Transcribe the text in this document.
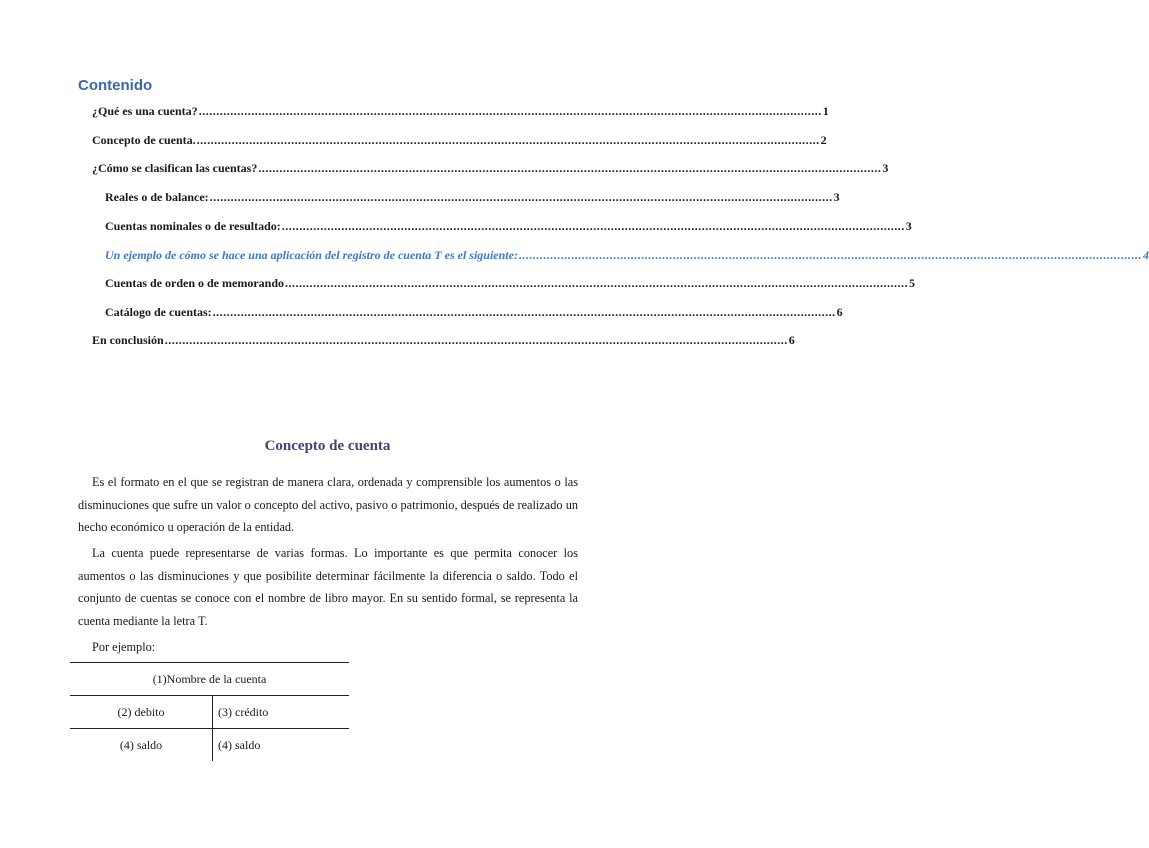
Contenido
¿Qué es una cuenta? .................................................................................................................................................................................. 1
Concepto de cuenta. .................................................................................................................................................................................. 2
¿Cómo se clasifican las cuentas? .................................................................................................................................................................................. 3
Reales o de balance: .................................................................................................................................................................................. 3
Cuentas nominales o de resultado: .................................................................................................................................................................................. 3
Un ejemplo de cómo se hace una aplicación del registro de cuenta T es el siguiente: .................................................................................................................................................................................. 4
Cuentas de orden o de memorando .................................................................................................................................................................................. 5
Catálogo de cuentas: .................................................................................................................................................................................. 6
En conclusión .................................................................................................................................................................................. 6
Concepto de cuenta

Es el formato en el que se registran de manera clara, ordenada y comprensible los aumentos o las disminuciones que sufre un valor o concepto del activo, pasivo o patrimonio, después de realizado un hecho económico u operación de la entidad.

La cuenta puede representarse de varias formas. Lo importante es que permita conocer los aumentos o las disminuciones y que posibilite determinar fácilmente la diferencia o saldo. Todo el conjunto de cuentas se conoce con el nombre de libro mayor. En su sentido formal, se representa la cuenta mediante la letra T.

Por ejemplo:
(1)Nombre de la cuenta	
(2) debito	(3) crédito
(4) saldo	(4) saldo
